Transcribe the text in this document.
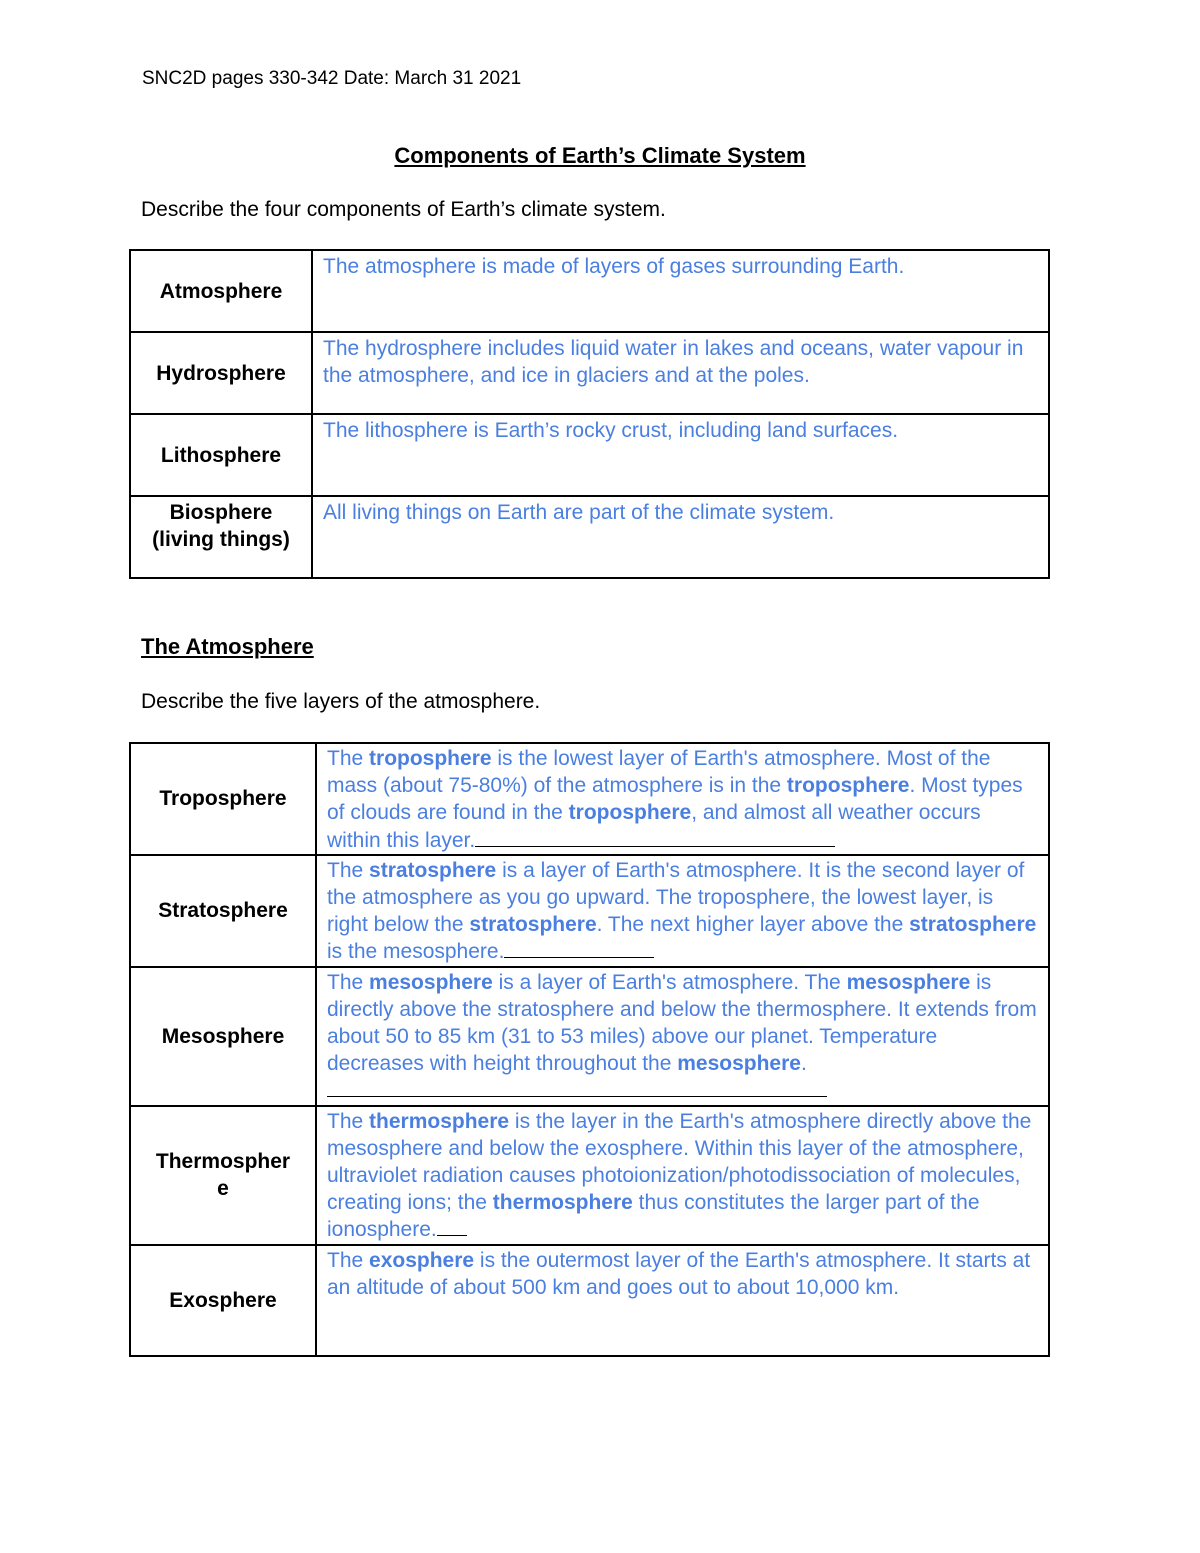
SNC2D pages 330-342 Date: March 31 2021
Components of Earth’s Climate System
Describe the four components of Earth’s climate system.
Atmosphere	The atmosphere is made of layers of gases surrounding Earth.
Hydrosphere	The hydrosphere includes liquid water in lakes and oceans, water vapour in the atmosphere, and ice in glaciers and at the poles.
Lithosphere	The lithosphere is Earth’s rocky crust, including land surfaces.

Biosphere
(living things)	All living things on Earth are part of the climate system.
The Atmosphere
Describe the five layers of the atmosphere.
Troposphere	The troposphere is the lowest layer of Earth's atmosphere. Most of the mass (about 75-80%) of the atmosphere is in the troposphere. Most types of clouds are found in the troposphere, and almost all weather occurs within this layer.
Stratosphere	The stratosphere is a layer of Earth's atmosphere. It is the second layer of the atmosphere as you go upward. The troposphere, the lowest layer, is right below the stratosphere. The next higher layer above the stratosphere is the mesosphere.
Mesosphere	The mesosphere is a layer of Earth's atmosphere. The mesosphere is directly above the stratosphere and below the thermosphere. It extends from about 50 to 85 km (31 to 53 miles) above our planet. Temperature decreases with height throughout the mesosphere.

Thermospher
e	The thermosphere is the layer in the Earth's atmosphere directly above the mesosphere and below the exosphere. Within this layer of the atmosphere, ultraviolet radiation causes photoionization/photodissociation of molecules, creating ions; the thermosphere thus constitutes the larger part of the ionosphere.
Exosphere	The exosphere is the outermost layer of the Earth's atmosphere. It starts at an altitude of about 500 km and goes out to about 10,000 km.
